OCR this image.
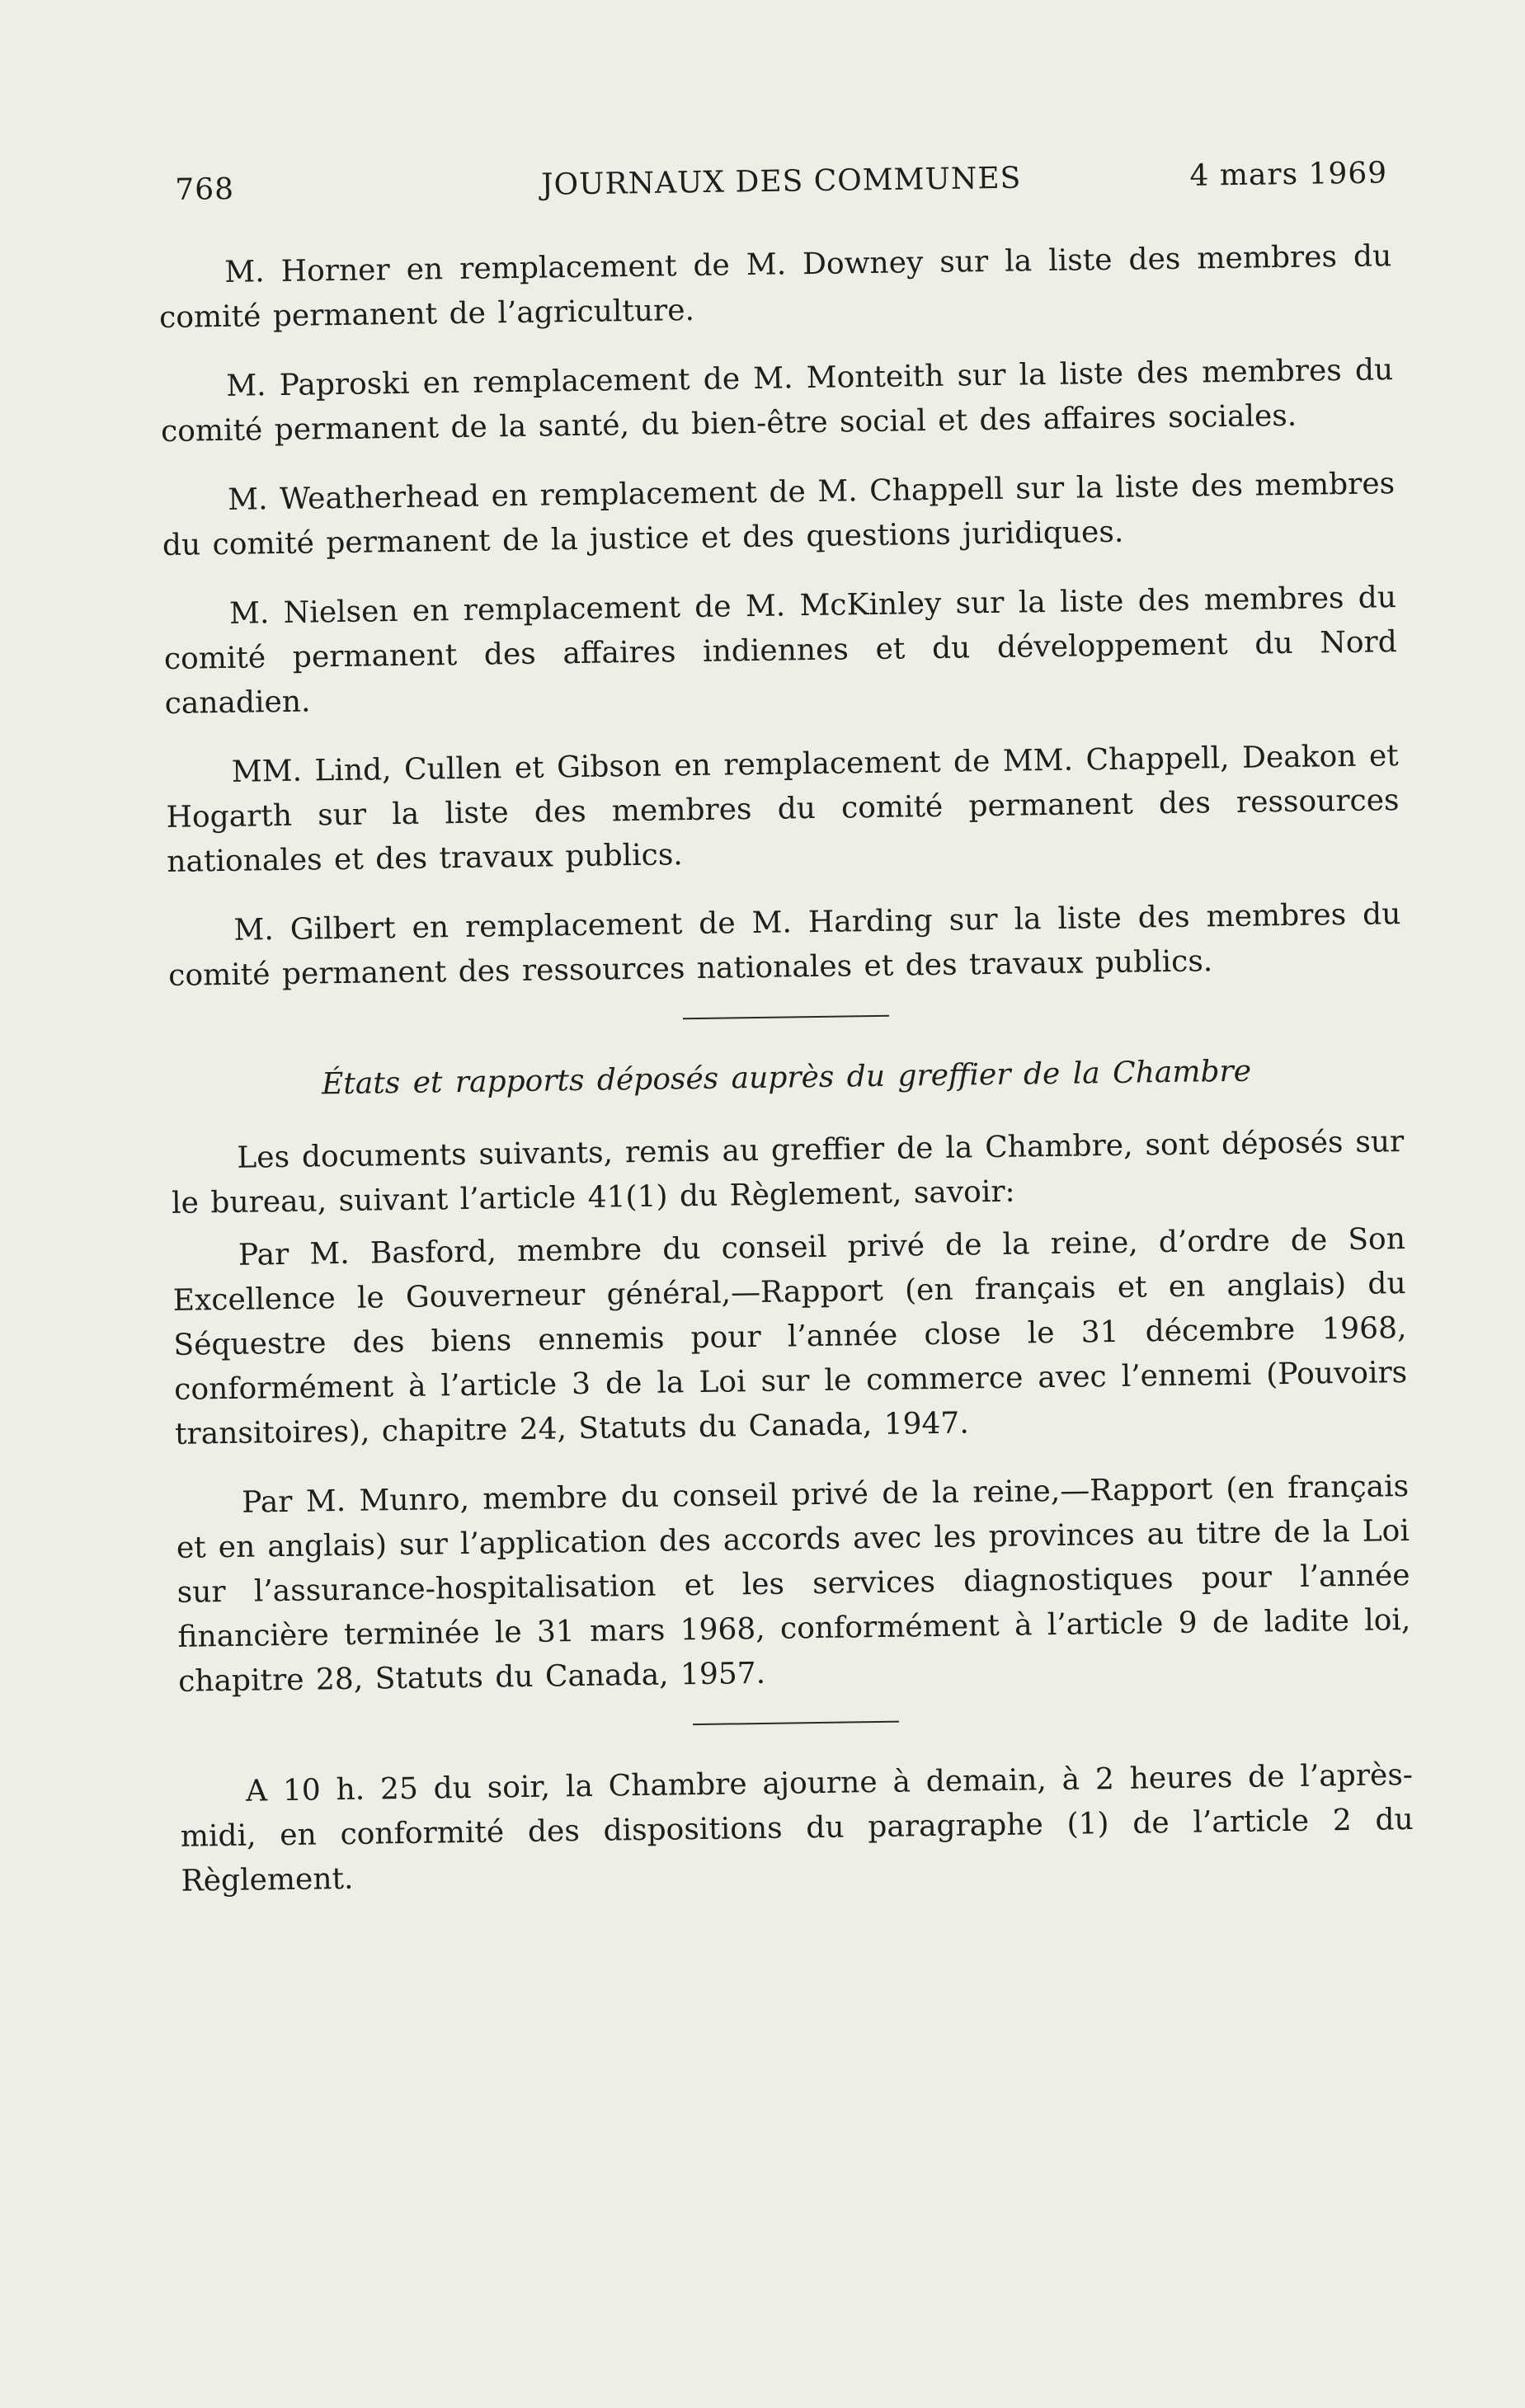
768	JOURNAUX DES COMMUNES	4 mars 1969

M. Horner en remplacement de M. Downey sur la liste des membres du comité permanent de l’agriculture.

M. Paproski en remplacement de M. Monteith sur la liste des membres du comité permanent de la santé, du bien-être social et des affaires sociales.

M. Weatherhead en remplacement de M. Chappell sur la liste des membres du comité permanent de la justice et des questions juridiques.

M. Nielsen en remplacement de M. McKinley sur la liste des membres du comité permanent des affaires indiennes et du développement du Nord canadien.

MM. Lind, Cullen et Gibson en remplacement de MM. Chappell, Deakon et Hogarth sur la liste des membres du comité permanent des ressources nationales et des travaux publics.

M. Gilbert en remplacement de M. Harding sur la liste des membres du comité permanent des ressources nationales et des travaux publics.

États et rapports déposés auprès du greffier de la Chambre

Les documents suivants, remis au greffier de la Chambre, sont déposés sur le bureau, suivant l’article 41(1) du Règlement, savoir:

Par M. Basford, membre du conseil privé de la reine, d’ordre de Son Excellence le Gouverneur général,—Rapport (en français et en anglais) du Séquestre des biens ennemis pour l’année close le 31 décembre 1968, conformément à l’article 3 de la Loi sur le commerce avec l’ennemi (Pouvoirs transitoires), chapitre 24, Statuts du Canada, 1947.

Par M. Munro, membre du conseil privé de la reine,—Rapport (en français et en anglais) sur l’application des accords avec les provinces au titre de la Loi sur l’assurance-hospitalisation et les services diagnostiques pour l’année financière terminée le 31 mars 1968, conformément à l’article 9 de ladite loi, chapitre 28, Statuts du Canada, 1957.

A 10 h. 25 du soir, la Chambre ajourne à demain, à 2 heures de l’après-midi, en conformité des dispositions du paragraphe (1) de l’article 2 du Règlement.
